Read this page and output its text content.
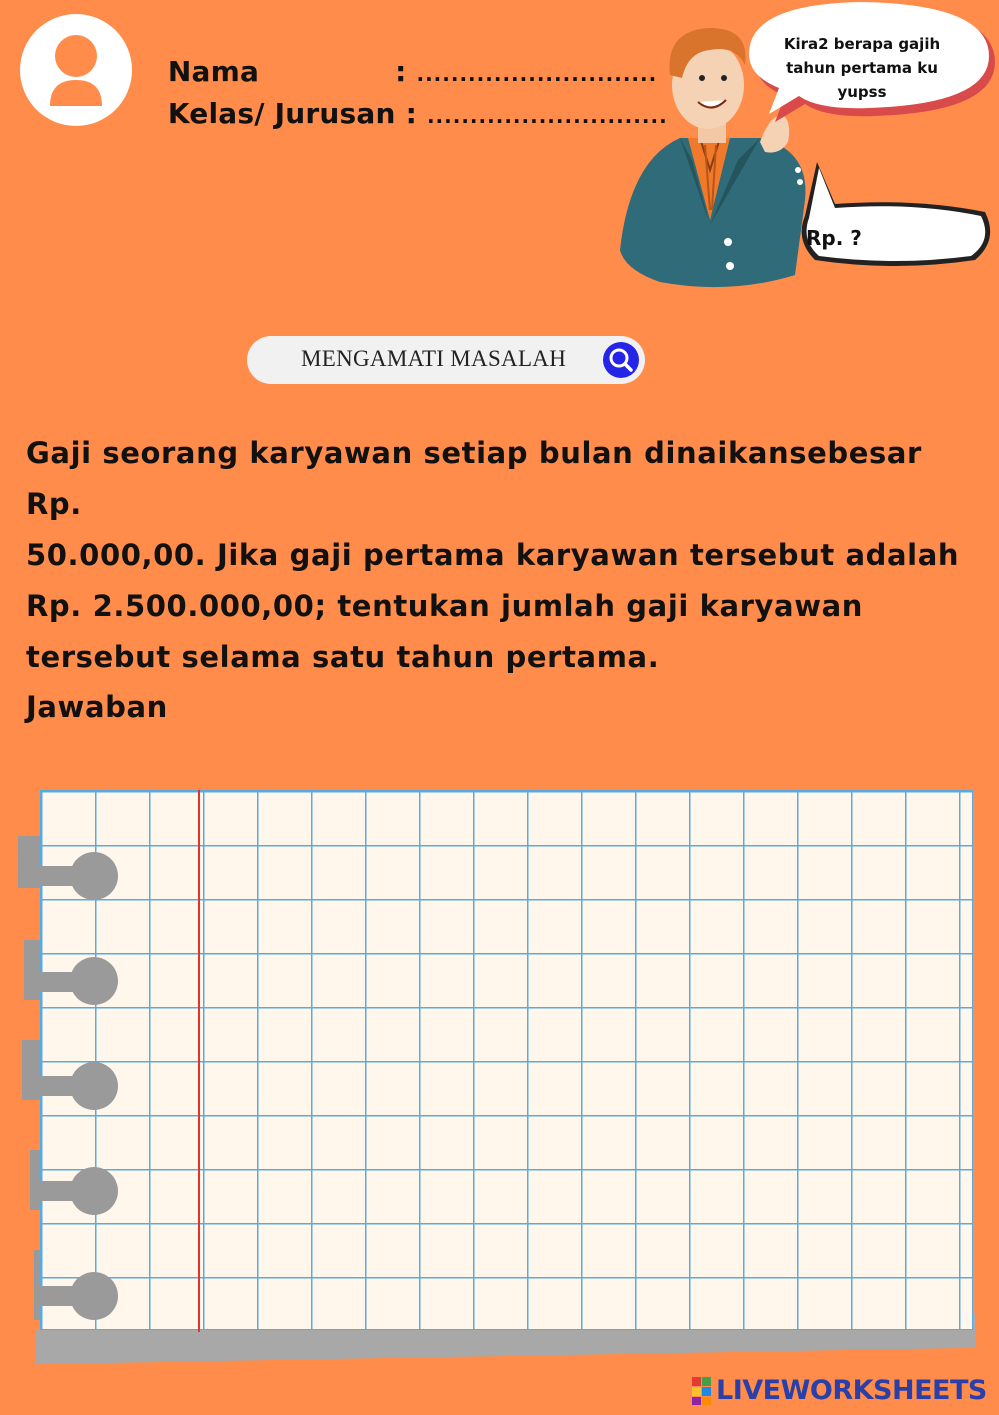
Nama	: ............................

Kelas/ Jurusan : ............................

Kira2 berapa gajih tahun pertama ku yupss
Rp. ?
MENGAMATI MASALAH
Gaji seorang karyawan setiap bulan dinaikansebesar Rp.
50.000,00. Jika gaji pertama karyawan tersebut adalah
Rp. 2.500.000,00; tentukan jumlah gaji karyawan
tersebut selama satu tahun pertama.
Jawaban
LIVEWORKSHEETS
